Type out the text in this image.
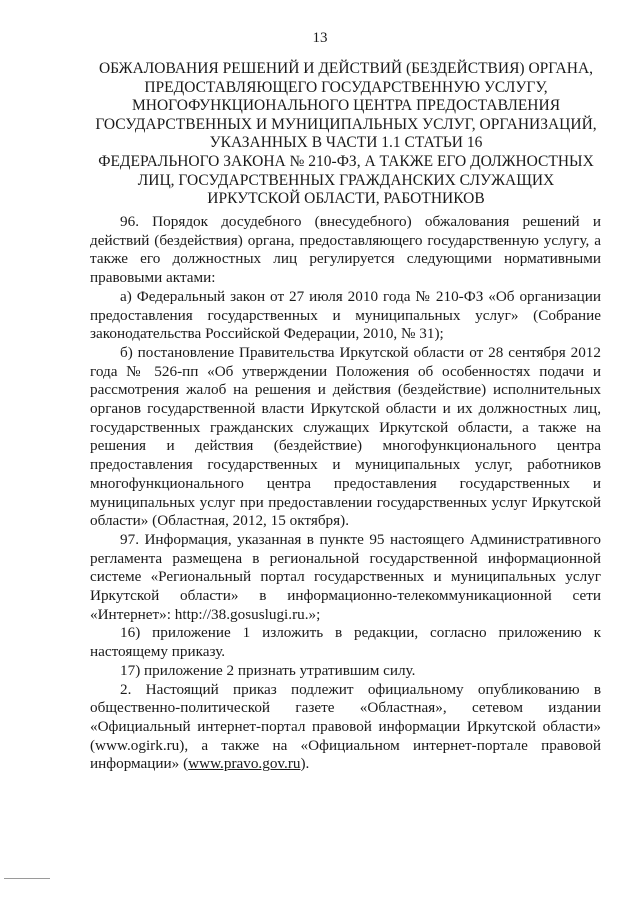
13
ОБЖАЛОВАНИЯ РЕШЕНИЙ И ДЕЙСТВИЙ (БЕЗДЕЙСТВИЯ) ОРГАНА,
ПРЕДОСТАВЛЯЮЩЕГО ГОСУДАРСТВЕННУЮ УСЛУГУ,
МНОГОФУНКЦИОНАЛЬНОГО ЦЕНТРА ПРЕДОСТАВЛЕНИЯ
ГОСУДАРСТВЕННЫХ И МУНИЦИПАЛЬНЫХ УСЛУГ, ОРГАНИЗАЦИЙ,
УКАЗАННЫХ В ЧАСТИ 1.1 СТАТЬИ 16
ФЕДЕРАЛЬНОГО ЗАКОНА № 210-ФЗ, А ТАКЖЕ ЕГО ДОЛЖНОСТНЫХ
ЛИЦ, ГОСУДАРСТВЕННЫХ ГРАЖДАНСКИХ СЛУЖАЩИХ
ИРКУТСКОЙ ОБЛАСТИ, РАБОТНИКОВ

96. Порядок досудебного (внесудебного) обжалования решений и действий (бездействия) органа, предоставляющего государственную услугу, а также его должностных лиц регулируется следующими нормативными правовыми актами:

а) Федеральный закон от 27 июля 2010 года № 210-ФЗ «Об организации предоставления государственных и муниципальных услуг» (Собрание законодательства Российской Федерации, 2010, № 31);

б) постановление Правительства Иркутской области от 28 сентября 2012 года № 526-пп «Об утверждении Положения об особенностях подачи и рассмотрения жалоб на решения и действия (бездействие) исполнительных органов государственной власти Иркутской области и их должностных лиц, государственных гражданских служащих Иркутской области, а также на решения и действия (бездействие) многофункционального центра предоставления государственных и муниципальных услуг, работников многофункционального центра предоставления государственных и муниципальных услуг при предоставлении государственных услуг Иркутской области» (Областная, 2012, 15 октября).

97. Информация, указанная в пункте 95 настоящего Административного регламента размещена в региональной государственной информационной системе «Региональный портал государственных и муниципальных услуг Иркутской области» в информационно-телекоммуникационной сети «Интернет»: http://38.gosuslugi.ru.»;

16) приложение 1 изложить в редакции, согласно приложению к настоящему приказу.

17) приложение 2 признать утратившим силу.

2. Настоящий приказ подлежит официальному опубликованию в общественно-политической газете «Областная», сетевом издании «Официальный интернет-портал правовой информации Иркутской области» (www.ogirk.ru), а также на «Официальном интернет-портале правовой информации» (www.pravo.gov.ru).
